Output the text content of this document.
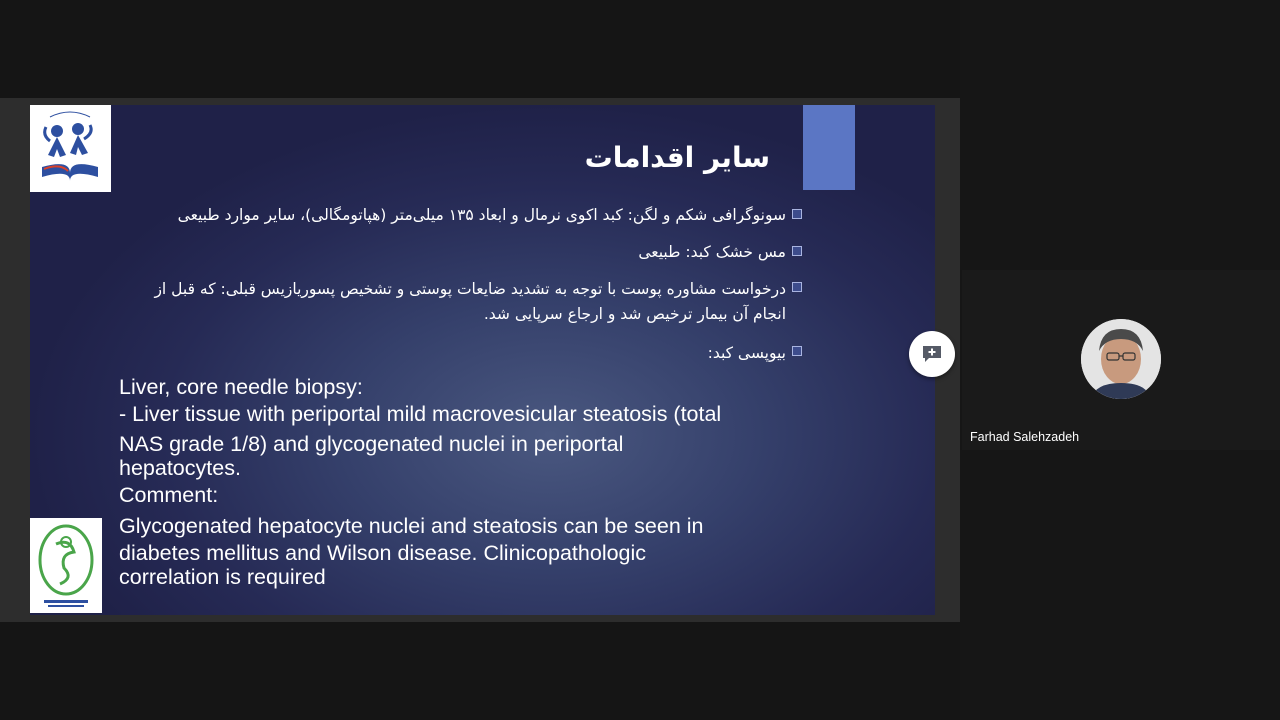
سایر اقدامات
سونوگرافی شکم و لگن: کبد اکوی نرمال و ابعاد ۱۳۵ میلی‌متر (هپاتومگالی)، سایر موارد طبیعی
مس خشک کبد: طبیعی
درخواست مشاوره پوست با توجه به تشدید ضایعات پوستی و تشخیص پسوریازیس قبلی: که قبل از انجام آن بیمار ترخیص شد و ارجاع سرپایی شد.
بیوپسی کبد:
Liver, core needle biopsy:
- Liver tissue with periportal mild macrovesicular steatosis (total
NAS grade 1/8) and glycogenated nuclei in periportal
hepatocytes.
Comment:
Glycogenated hepatocyte nuclei and steatosis can be seen in
diabetes mellitus and Wilson disease. Clinicopathologic
correlation is required
Farhad Salehzadeh
